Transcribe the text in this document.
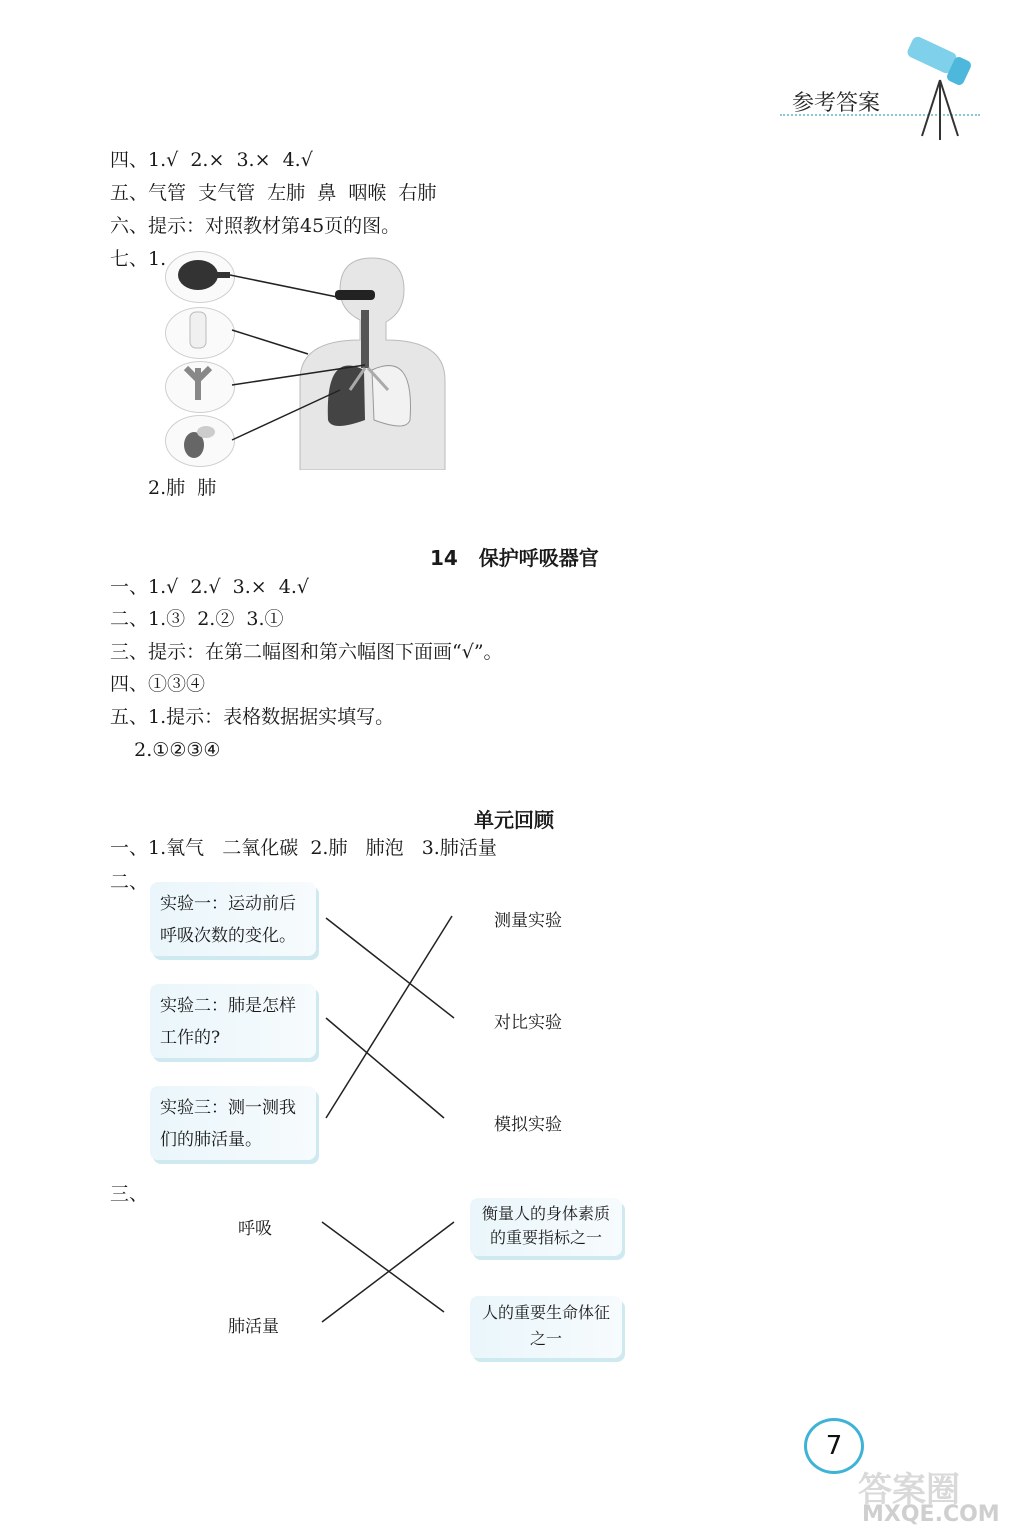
参考答案
四、1.√  2.×  3.×  4.√
五、气管  支气管  左肺  鼻  咽喉  右肺
六、提示：对照教材第45页的图。
七、1.
2.肺  肺
14   保护呼吸器官
一、1.√  2.√  3.×  4.√
二、1.③  2.②  3.①
三、提示：在第二幅图和第六幅图下面画“√”。
四、①③④
五、1.提示：表格数据据实填写。
2.①②③④
单元回顾
一、1.氧气   二氧化碳  2.肺   肺泡   3.肺活量
二、
实验一：运动前后呼吸次数的变化。
实验二：肺是怎样工作的?
实验三：测一测我们的肺活量。
测量实验
对比实验
模拟实验
三、
呼吸
肺活量
衡量人的身体素质的重要指标之一
人的重要生命体征之一
7
答案圈
MXQE.COM
